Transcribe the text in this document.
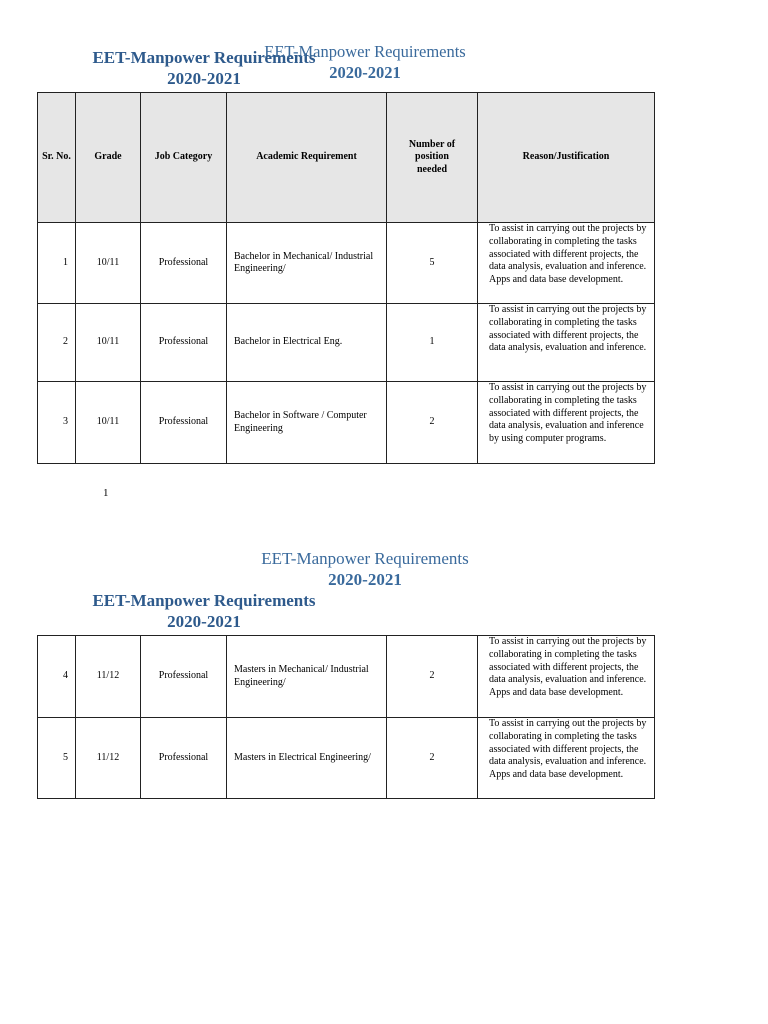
EET-Manpower Requirements
2020-2021
EET-Manpower Requirements
2020-2021
Sr. No.	Grade	Job Category	Academic Requirement	Number of position needed	Reason/Justification
1	10/11	Professional	Bachelor in Mechanical/ Industrial Engineering/	5	To assist in carrying out the projects by collaborating in completing the tasks associated with different projects, the data analysis, evaluation and inference. Apps and data base development.
2	10/11	Professional	Bachelor in Electrical Eng.	1	To assist in carrying out the projects by collaborating in completing the tasks associated with different projects, the data analysis, evaluation and inference.
3	10/11	Professional	Bachelor in Software / Computer Engineering	2	To assist in carrying out the projects by collaborating in completing the tasks associated with different projects, the data analysis, evaluation and inference by using computer programs.
1
EET-Manpower Requirements
2020-2021
EET-Manpower Requirements
2020-2021
4	11/12	Professional	Masters in Mechanical/ Industrial Engineering/	2	To assist in carrying out the projects by collaborating in completing the tasks associated with different projects, the data analysis, evaluation and inference. Apps and data base development.
5	11/12	Professional	Masters in Electrical Engineering/	2	To assist in carrying out the projects by collaborating in completing the tasks associated with different projects, the data analysis, evaluation and inference. Apps and data base development.
